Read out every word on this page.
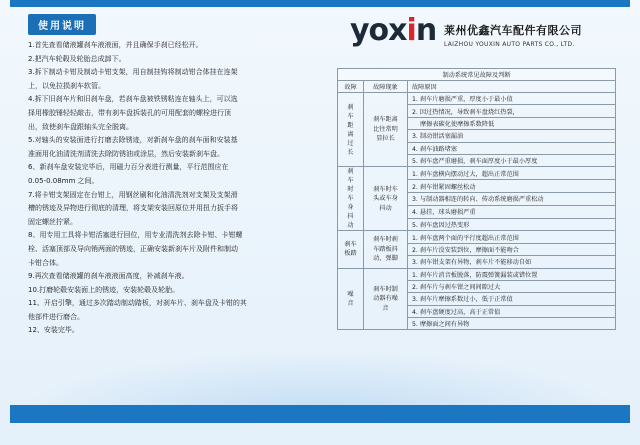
使用说明
1.首先查看储液罐刹车液液面，并且确保手刹已经松开。
2.把汽车轮毂及轮胎总成卸下。
3.拆下制动卡钳及制动卡钳支架，用自制挂钩将制动钳合体挂在连架
上，以免拉损刹车软管。
4.拆下旧刹车片和旧刹车盘，若刹车盘被铁锈粘连在轴头上，可以选
择用橡胶锤轻轻敲击，带有刹车盘拆装孔的可用配套的螺栓进行顶
出，致使刹车盘跟轴头完全脱离。
5.对轴头的安装面进行打磨去除锈迹，对新刹车盘的刹车面和安装基
准面用化油清洗剂清洗去除防锈油或涂层，然后安装新刹车盘。
6、新刹车盘安装完毕后，用磁力百分表进行测量，平行范围应在
0.05-0.08mm 之间。
7.将卡钳支架固定在台钳上，用钢丝刷和化油清洗剂对支架及支架滑
槽的锈迹及异物进行彻底的清理，将支架安装回原位并用扭力扳手将
固定螺丝拧紧。
8、用专用工具将卡钳活塞进行回位，用专业清洗剂去除卡钳、卡钳螺
栓、活塞顶部及导向销两面的锈迹，正确安装新刹车片及附件和制动
卡钳合体。
9.再次查看储液罐的刹车液液面高度，补减刹车液。
10.打磨轮毂安装面上的锈迹，安装轮毂及轮胎。
11、开启引擎，通过多次踏动制动踏板，对刹车片、刹车盘及卡钳的其
他部件进行磨合。
12、安装完毕。
yoxin 莱州优鑫汽车配件有限公司
LAIZHOU YOUXIN AUTO PARTS CO., LTD.
制动系统常见故障及判断		
故障	故障现象	故障原因

刹车距离过长	刹车距离比往常明显拉长	1. 刹车片磨损严重，厚度小于最小值
		2. 因过热情况，导致刹车盘烧红热裂，
		摩擦表碳化使摩擦系数降低
		3. 制动钳活塞漏油
		4. 刹车油路堵塞
		5. 刹车盘严重磨损，刹车面厚度小于最小厚度

刹车时车身抖动	刹车时车头或车身抖动	1. 刹车盘横向摆动过大，超出正常范围
		2. 刹车钳紧固螺丝松动
		3. 与制动器相连的转向、传动系统磨损严重松动
		4. 悬挂，球头磨损严重
		5. 刹车盘因过热变形

刹车板踏	刹车时刹车踏板抖动，弹脚	1. 刹车盘两个面的平行度超出正常范围
		2. 刹车片没安装到位，摩擦面不能吻合
		3. 刹车钳支架有异物，刹车片不能移动自如

噪音	刹车时制动器有噪音	1. 刹车片消音板脱落，防震弹簧漏装或错位置
		2. 刹车片与刹车钳之间间隙过大
		3. 刹车片摩擦系数过小，低于正常值
		4. 刹车盘硬度过高，高于正常值
		5. 摩擦面之间有异物
